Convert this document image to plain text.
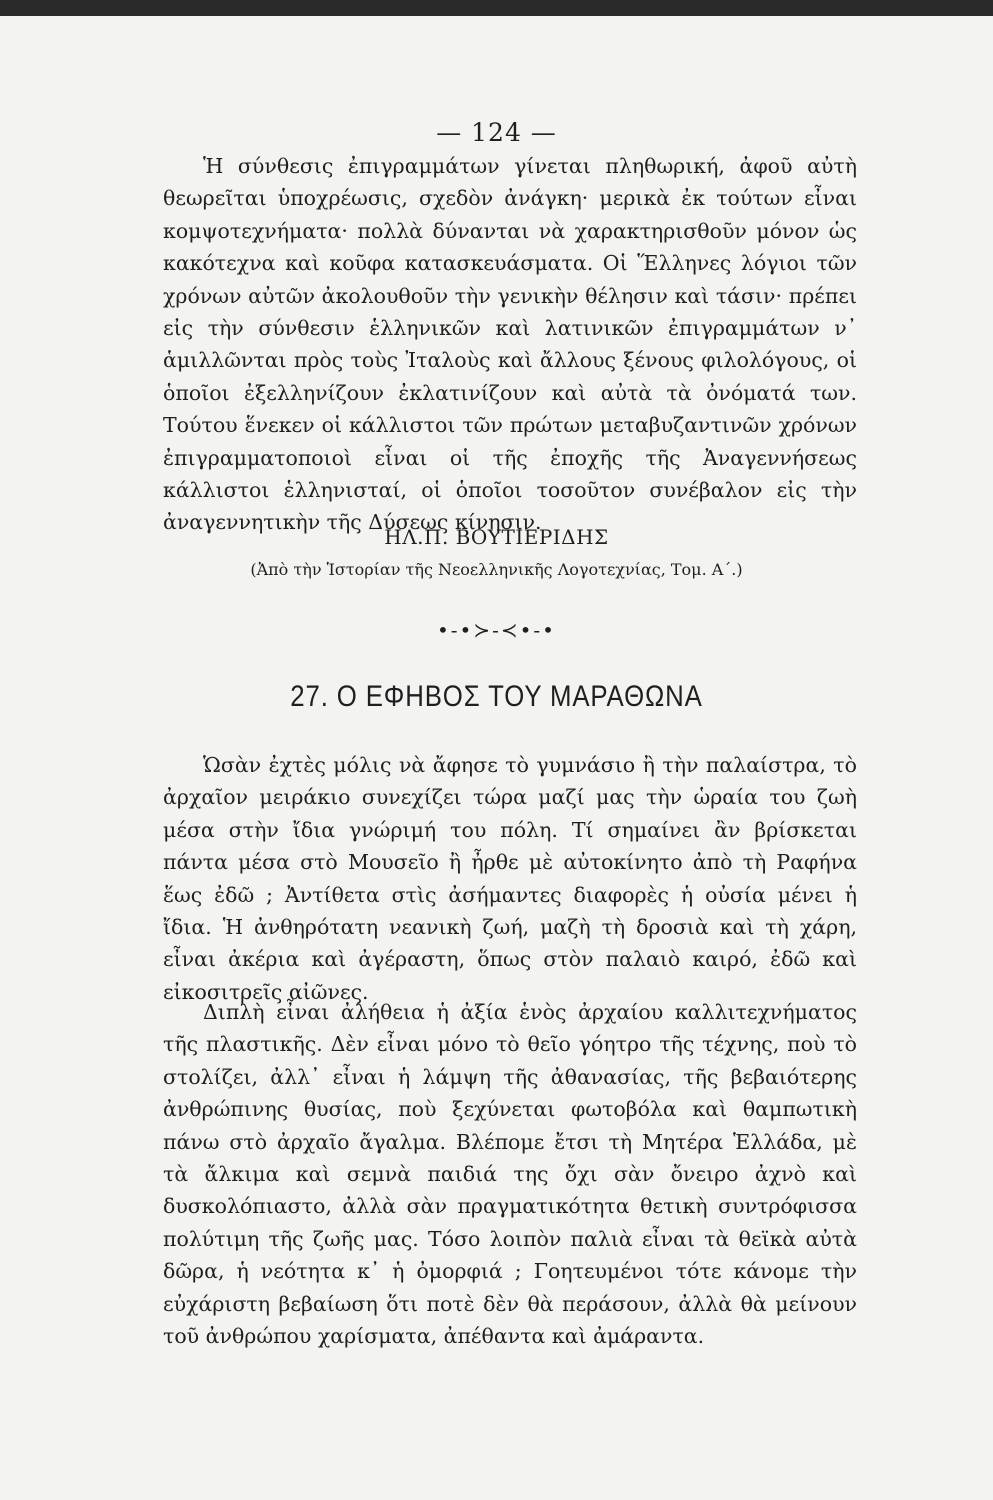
— 124 —

Ἡ σύνθεσις ἐπιγραμμάτων γίνεται πληθωρική, ἀφοῦ αὐτὴ θεωρεῖται ὑποχρέωσις, σχεδὸν ἀνάγκη· μερικὰ ἐκ τούτων εἶναι κομψοτεχνήματα· πολλὰ δύνανται νὰ χαρακτηρισθοῦν μόνον ὡς κακότεχνα καὶ κοῦφα κατασκευάσματα. Οἱ Ἕλληνες λόγιοι τῶν χρόνων αὐτῶν ἀκολουθοῦν τὴν γενικὴν θέλησιν καὶ τάσιν· πρέπει εἰς τὴν σύνθεσιν ἑλληνικῶν καὶ λατινικῶν ἐπιγραμμάτων ν᾿ ἁμιλλῶνται πρὸς τοὺς Ἰταλοὺς καὶ ἄλλους ξένους φιλολόγους, οἱ ὁποῖοι ἐξελληνίζουν ἐκλατινίζουν καὶ αὐτὰ τὰ ὀνόματά των. Τούτου ἕνεκεν οἱ κάλλιστοι τῶν πρώτων μεταβυζαντινῶν χρόνων ἐπιγραμματοποιοὶ εἶναι οἱ τῆς ἐποχῆς τῆς Ἀναγεννήσεως κάλλιστοι ἑλληνισταί, οἱ ὁποῖοι τοσοῦτον συνέβαλον εἰς τὴν ἀναγεννητικὴν τῆς Δύσεως κίνησιν.

ΗΛ.Π. ΒΟΥΤΙΕΡΙΔΗΣ
(Ἀπὸ τὴν Ἱστορίαν τῆς Νεοελληνικῆς Λογοτεχνίας, Τομ. Α΄.)
•-•≻-≺•-•
27. Ο ΕΦΗΒΟΣ ΤΟΥ ΜΑΡΑΘΩΝΑ

Ὡσὰν ἐχτὲς μόλις νὰ ἄφησε τὸ γυμνάσιο ἢ τὴν παλαίστρα, τὸ ἀρχαῖον μειράκιο συνεχίζει τώρα μαζί μας τὴν ὡραία του ζωὴ μέσα στὴν ἴδια γνώριμή του πόλη. Τί σημαίνει ἂν βρίσκεται πάντα μέσα στὸ Μουσεῖο ἢ ἦρθε μὲ αὐτοκίνητο ἀπὸ τὴ Ραφήνα ἕως ἐδῶ ; Ἀντίθετα στὶς ἀσήμαντες διαφορὲς ἡ οὐσία μένει ἡ ἴδια. Ἡ ἀνθηρότατη νεανικὴ ζωή, μαζὴ τὴ δροσιὰ καὶ τὴ χάρη, εἶναι ἀκέρια καὶ ἀγέραστη, ὅπως στὸν παλαιὸ καιρό, ἐδῶ καὶ εἰκοσιτρεῖς αἰῶνες.

Διπλὴ εἶναι ἀλήθεια ἡ ἀξία ἑνὸς ἀρχαίου καλλιτεχνήματος τῆς πλαστικῆς. Δὲν εἶναι μόνο τὸ θεῖο γόητρο τῆς τέχνης, ποὺ τὸ στολίζει, ἀλλ᾿ εἶναι ἡ λάμψη τῆς ἀθανασίας, τῆς βεβαιότερης ἀνθρώπινης θυσίας, ποὺ ξεχύνεται φωτοβόλα καὶ θαμπωτικὴ πάνω στὸ ἀρχαῖο ἄγαλμα. Βλέπομε ἔτσι τὴ Μητέρα Ἑλλάδα, μὲ τὰ ἄλκιμα καὶ σεμνὰ παιδιά της ὄχι σὰν ὄνειρο ἀχνὸ καὶ δυσκολόπιαστο, ἀλλὰ σὰν πραγματικότητα θετικὴ συντρόφισσα πολύτιμη τῆς ζωῆς μας. Τόσο λοιπὸν παλιὰ εἶναι τὰ θεϊκὰ αὐτὰ δῶρα, ἡ νεότητα κ᾿ ἡ ὀμορφιά ; Γοητευμένοι τότε κάνομε τὴν εὐχάριστη βεβαίωση ὅτι ποτὲ δὲν θὰ περάσουν, ἀλλὰ θὰ μείνουν τοῦ ἀνθρώπου χαρίσματα, ἀπέθαντα καὶ ἀμάραντα.
